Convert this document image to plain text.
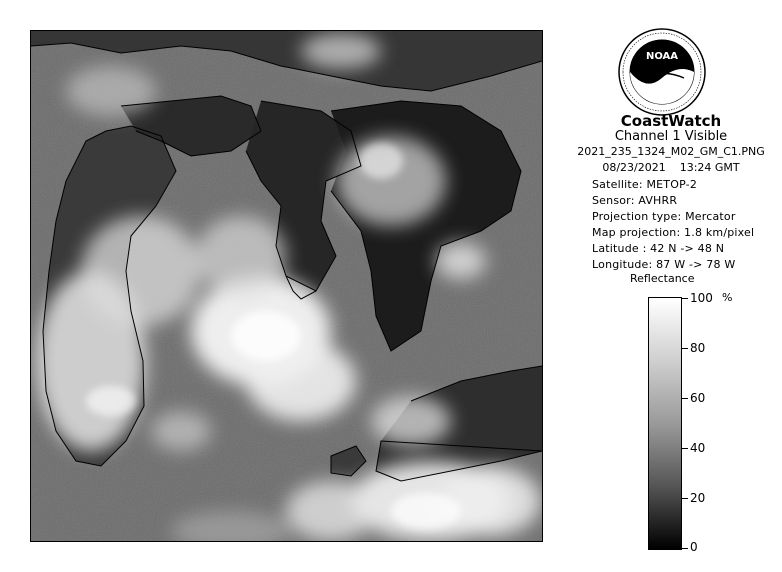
NOAA
CoastWatch
Channel 1 Visible
2021_235_1324_M02_GM_C1.PNG
08/23/2021    13:24 GMT
Satellite: METOP-2
Sensor: AVHRR
Projection type: Mercator
Map projection: 1.8 km/pixel
Latitude : 42 N -> 48 N
Longitude: 87 W -> 78 W
Reflectance
%
100
80
60
40
20
0
